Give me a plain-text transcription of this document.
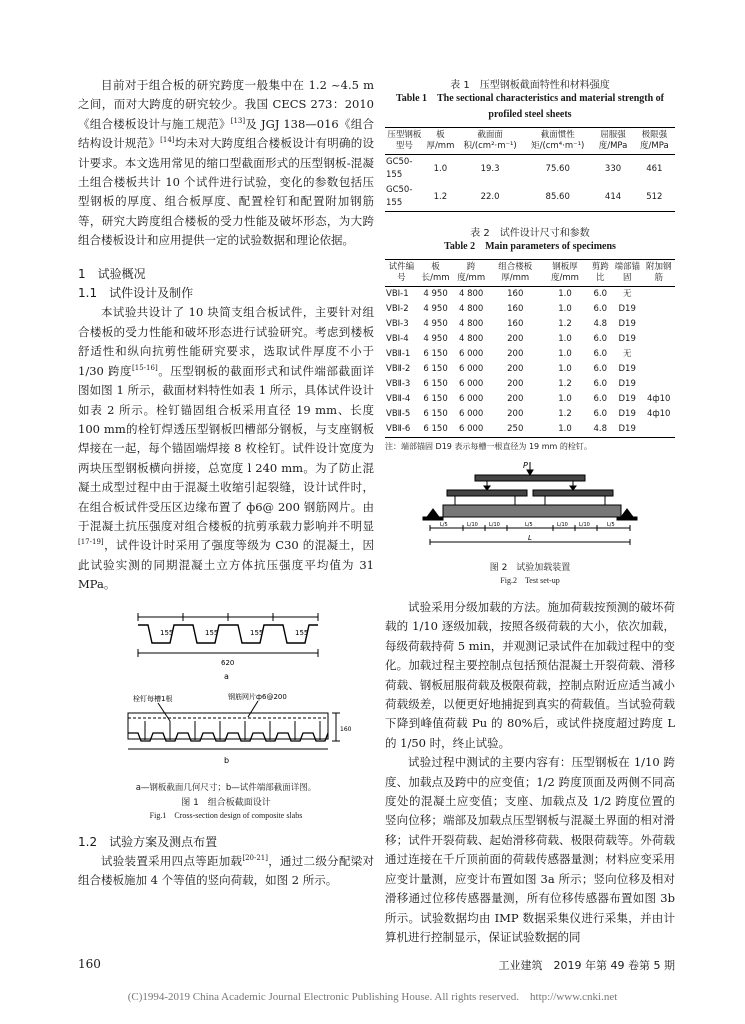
目前对于组合板的研究跨度一般集中在 1.2 ~4.5 m 之间，而对大跨度的研究较少。我国 CECS 273：2010《组合楼板设计与施工规范》[13]及 JGJ 138—016《组合结构设计规范》[14]均未对大跨度组合楼板设计有明确的设计要求。本文选用常见的缩口型截面形式的压型钢板-混凝土组合楼板共计 10 个试件进行试验，变化的参数包括压型钢板的厚度、组合板厚度、配置栓钉和配置附加钢筋等，研究大跨度组合楼板的受力性能及破坏形态，为大跨组合楼板设计和应用提供一定的试验数据和理论依据。

1　试验概况

1.1　试件设计及制作

本试验共设计了 10 块简支组合板试件，主要针对组合楼板的受力性能和破坏形态进行试验研究。考虑到楼板舒适性和纵向抗剪性能研究要求，选取试件厚度不小于 1/30 跨度[15-16]。压型钢板的截面形式和试件端部截面详图如图 1 所示，截面材料特性如表 1 所示，具体试件设计如表 2 所示。栓钉锚固组合板采用直径 19 mm、长度100 mm的栓钉焊透压型钢板凹槽部分钢板，与支座钢板焊接在一起，每个锚固端焊接 8 枚栓钉。试件设计宽度为两块压型钢板横向拼接，总宽度 l 240 mm。为了防止混凝土成型过程中由于混凝土收缩引起裂缝，设计试件时，在组合板试件受压区边缘布置了 ф6@ 200 钢筋网片。由于混凝土抗压强度对组合楼板的抗剪承载力影响并不明显[17-19]，试件设计时采用了强度等级为 C30 的混凝土，因此试验实测的同期混凝土立方体抗压强度平均值为 31 MPa。

155	155	155	155
620
a
栓钉每槽1根	钢筋网片ф6@200
160
b

a—钢板截面几何尺寸；b—试件端部截面详图。

图 1　组合板截面设计

Fig.1　Cross-section design of composite slabs

1.2　试验方案及测点布置

试验装置采用四点等距加载[20-21]，通过二级分配梁对组合楼板施加 4 个等值的竖向荷载，如图 2 所示。

表 1　压型钢板截面特性和材料强度

Table 1　The sectional characteristics and material strength of profiled steel sheets

压型钢板型号	板厚/mm	截面面积/(cm²·m⁻¹)	截面惯性矩/(cm⁴·m⁻¹)	屈服强度/MPa	极限强度/MPa
GC50-155	1.0	19.3	75.60	330	461
GC50-155	1.2	22.0	85.60	414	512

表 2　试件设计尺寸和参数

Table 2　Main parameters of specimens

试件编号	板长/mm	跨度/mm	组合楼板厚/mm	钢板厚度/mm	剪跨比	端部锚固	附加钢筋
VBⅠ-1	4 950	4 800	160	1.0	6.0	无	
VBⅠ-2	4 950	4 800	160	1.0	6.0	D19	
VBⅠ-3	4 950	4 800	160	1.2	4.8	D19	
VBⅠ-4	4 950	4 800	200	1.0	6.0	D19	
VBⅡ-1	6 150	6 000	200	1.0	6.0	无	
VBⅡ-2	6 150	6 000	200	1.0	6.0	D19	
VBⅡ-3	6 150	6 000	200	1.2	6.0	D19	
VBⅡ-4	6 150	6 000	200	1.0	6.0	D19	4ф10
VBⅡ-5	6 150	6 000	200	1.2	6.0	D19	4ф10
VBⅡ-6	6 150	6 000	250	1.0	4.8	D19	

注：端部锚固 D19 表示每槽一根直径为 19 mm 的栓钉。

P
L/5	L/10 L/10	L/5	L/10 L/10	L/5
L

图 2　试验加载装置

Fig.2　Test set-up

试验采用分级加载的方法。施加荷载按预测的破坏荷载的 1/10 逐级加载，按照各级荷载的大小，依次加载，每级荷载持荷 5 min，并观测记录试件在加载过程中的变化。加载过程主要控制点包括预估混凝土开裂荷载、滑移荷载、钢板屈服荷载及极限荷载，控制点附近应适当减小荷载级差，以便更好地捕捉到真实的荷载值。当试验荷载下降到峰值荷载 Pu 的 80%后，或试件挠度超过跨度 L 的 1/50 时，终止试验。

试验过程中测试的主要内容有：压型钢板在 1/10 跨度、加载点及跨中的应变值；1/2 跨度顶面及两侧不同高度处的混凝土应变值；支座、加载点及 1/2 跨度位置的竖向位移；端部及加载点压型钢板与混凝土界面的相对滑移；试件开裂荷载、起始滑移荷载、极限荷载等。外荷载通过连接在千斤顶前面的荷载传感器量测；材料应变采用应变计量测，应变计布置如图 3a 所示；竖向位移及相对滑移通过位移传感器量测，所有位移传感器布置如图 3b 所示。试验数据均由 IMP 数据采集仪进行采集，并由计算机进行控制显示，保证试验数据的同

160	工业建筑　2019 年第 49 卷第 5 期
(C)1994-2019 China Academic Journal Electronic Publishing House. All rights reserved.　http://www.cnki.net
